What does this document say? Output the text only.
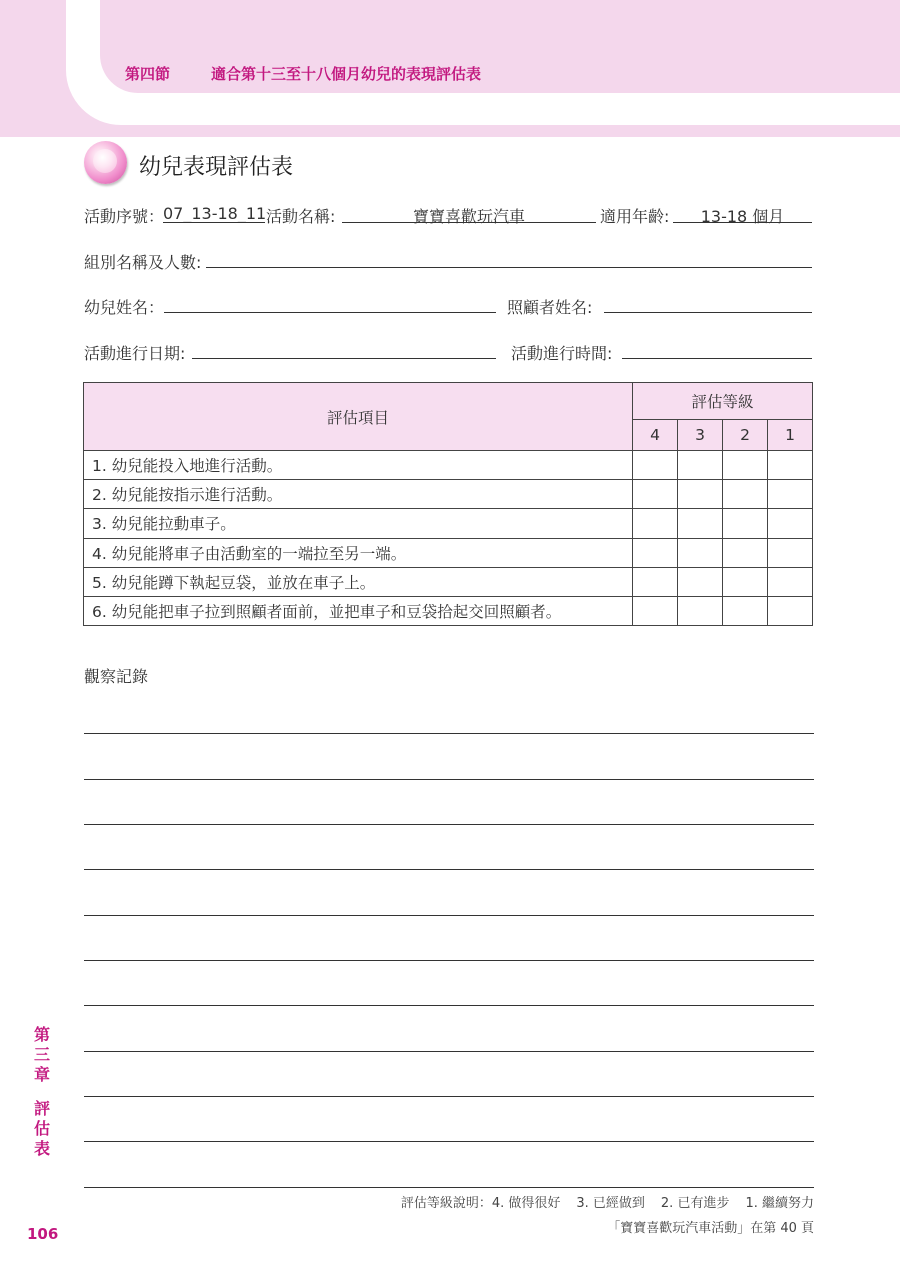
第四節	適合第十三至十八個月幼兒的表現評估表
幼兒表現評估表
活動序號：
07_13-18_11 活動名稱:	寶寶喜歡玩汽車	適用年齡:	13-18 個月
組別名稱及人數:
幼兒姓名：	照顧者姓名:
活動進行日期:	活動進行時間:
評估項目	評估等級			
	4	3	2	1
1. 幼兒能投入地進行活動。				
2. 幼兒能按指示進行活動。				
3. 幼兒能拉動車子。				
4. 幼兒能將車子由活動室的一端拉至另一端。				
5. 幼兒能蹲下執起豆袋，並放在車子上。				
6. 幼兒能把車子拉到照顧者面前，並把車子和豆袋拾起交回照顧者。				
觀察記錄
第
三
章
評
估
表
106
評估等級說明：4. 做得很好 3. 已經做到 2. 已有進步 1. 繼續努力
「寶寶喜歡玩汽車活動」在第 40 頁
